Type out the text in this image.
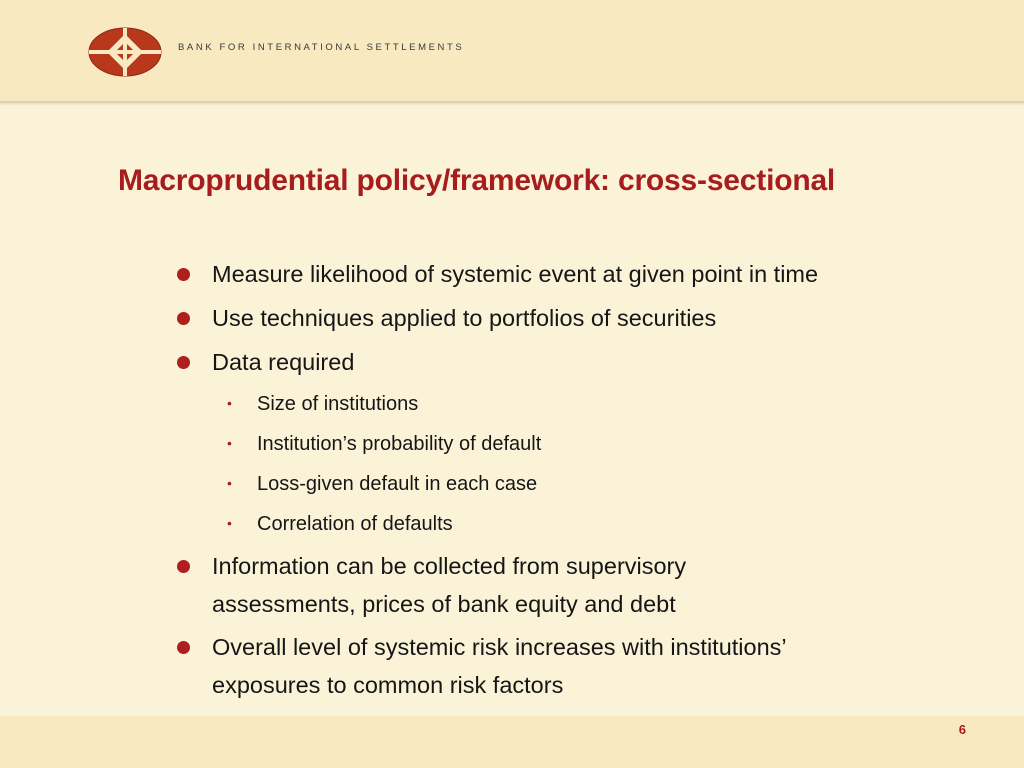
BANK FOR INTERNATIONAL SETTLEMENTS
Macroprudential policy/framework: cross-sectional
Measure likelihood of systemic event at given point in time
Use techniques applied to portfolios of securities
Data required
• Size of institutions
• Institution’s probability of default
• Loss-given default in each case
• Correlation of defaults
Information can be collected from supervisory
assessments, prices of bank equity and debt
Overall level of systemic risk increases with institutions’
exposures to common risk factors
6
